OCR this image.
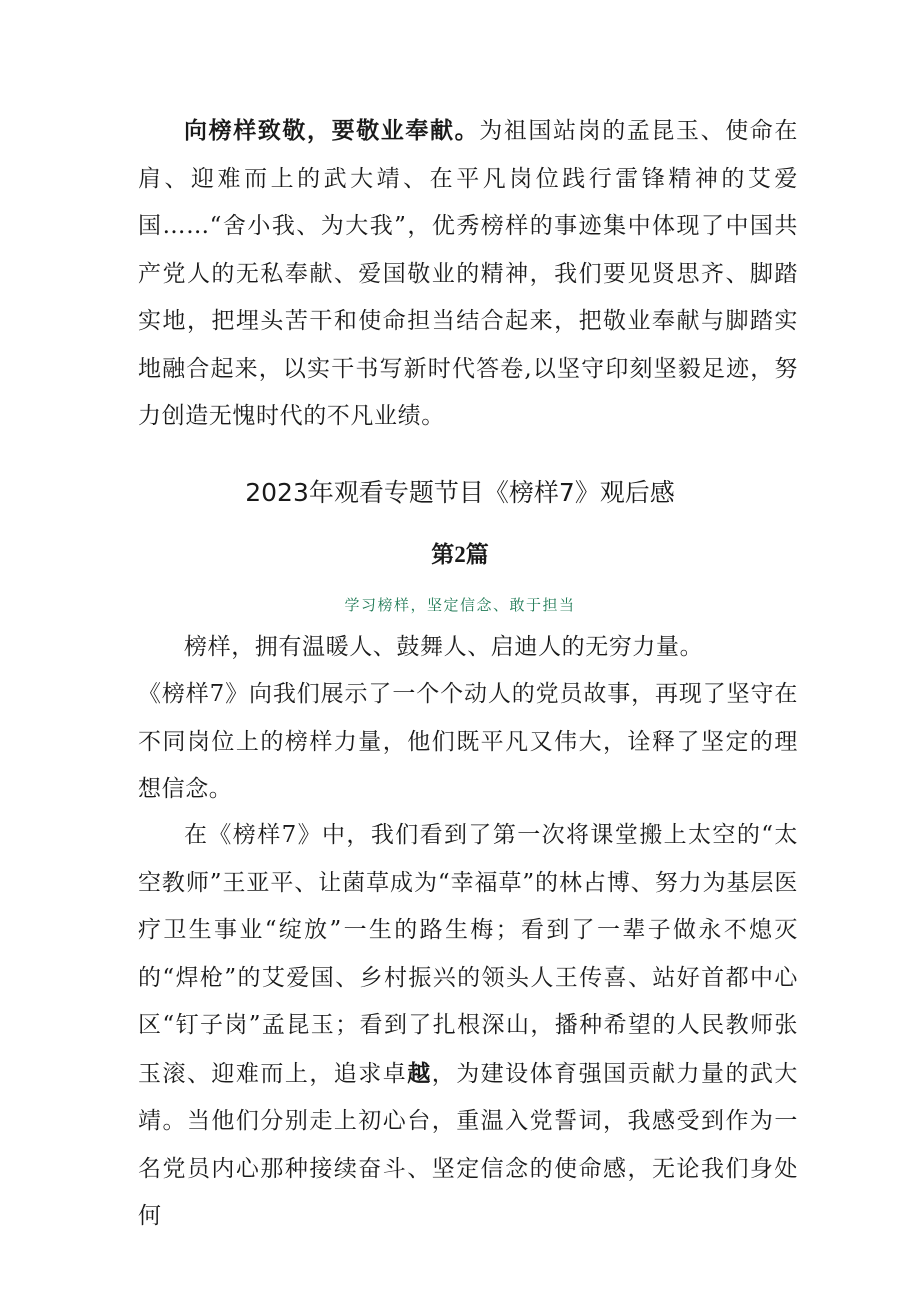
向榜样致敬，要敬业奉献。为祖国站岗的孟昆玉、使命在肩、迎难而上的武大靖、在平凡岗位践行雷锋精神的艾爱国……“舍小我、为大我”，优秀榜样的事迹集中体现了中国共产党人的无私奉献、爱国敬业的精神，我们要见贤思齐、脚踏实地，把埋头苦干和使命担当结合起来，把敬业奉献与脚踏实地融合起来，以实干书写新时代答卷,以坚守印刻坚毅足迹，努力创造无愧时代的不凡业绩。

2023年观看专题节目《榜样7》观后感
第2篇

学习榜样，坚定信念、敢于担当

榜样，拥有温暖人、鼓舞人、启迪人的无穷力量。

《榜样7》向我们展示了一个个动人的党员故事，再现了坚守在不同岗位上的榜样力量，他们既平凡又伟大，诠释了坚定的理想信念。

在《榜样7》中，我们看到了第一次将课堂搬上太空的“太空教师”王亚平、让菌草成为“幸福草”的林占博、努力为基层医疗卫生事业“绽放”一生的路生梅；看到了一辈子做永不熄灭的“焊枪”的艾爱国、乡村振兴的领头人王传喜、站好首都中心区“钉子岗”孟昆玉；看到了扎根深山，播种希望的人民教师张玉滚、迎难而上，追求卓越，为建设体育强国贡献力量的武大靖。当他们分别走上初心台，重温入党誓词，我感受到作为一名党员内心那种接续奋斗、坚定信念的使命感，无论我们身处何
